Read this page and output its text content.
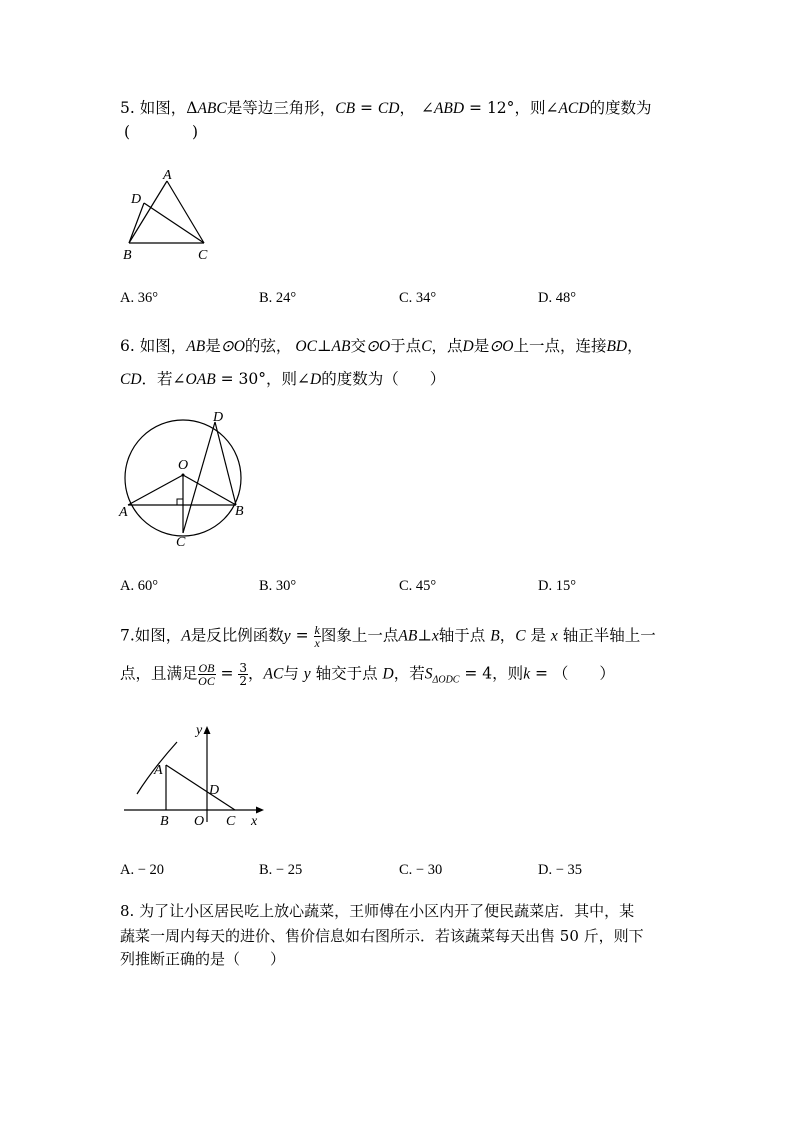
5. 如图，ΔABC是等边三角形，CB = CD， ∠ABD = 12°，则∠ACD的度数为
(　　　　)
A
D
B	C
A. 36°	B. 24°	C. 34°	D. 48°
6. 如图，AB是⊙O的弦， OC⊥AB交⊙O于点C，点D是⊙O上一点，连接BD，
CD．若∠OAB = 30°，则∠D的度数为（　　）
O
A	B
C
D
A. 60°	B. 30°	C. 45°	D. 15°
7.如图，A是反比例函数$y = \frac{k}{x}$ 图象上一点AB⊥x轴于点 B，C 是 x 轴正半轴上一
点，且满足 $\frac{OB}{OC} = \frac{3}{2}$ ，AC与 y 轴交于点 D，若$S_{\Delta ODC} = 4$，则k = （　　）
A
B O C
D
x
y
A. − 20	B. − 25	C. − 30	D. − 35
8. 为了让小区居民吃上放心蔬菜，王师傅在小区内开了便民蔬菜店．其中，某
蔬菜一周内每天的进价、售价信息如右图所示．若该蔬菜每天出售 50 斤，则下
列推断正确的是（　　）
